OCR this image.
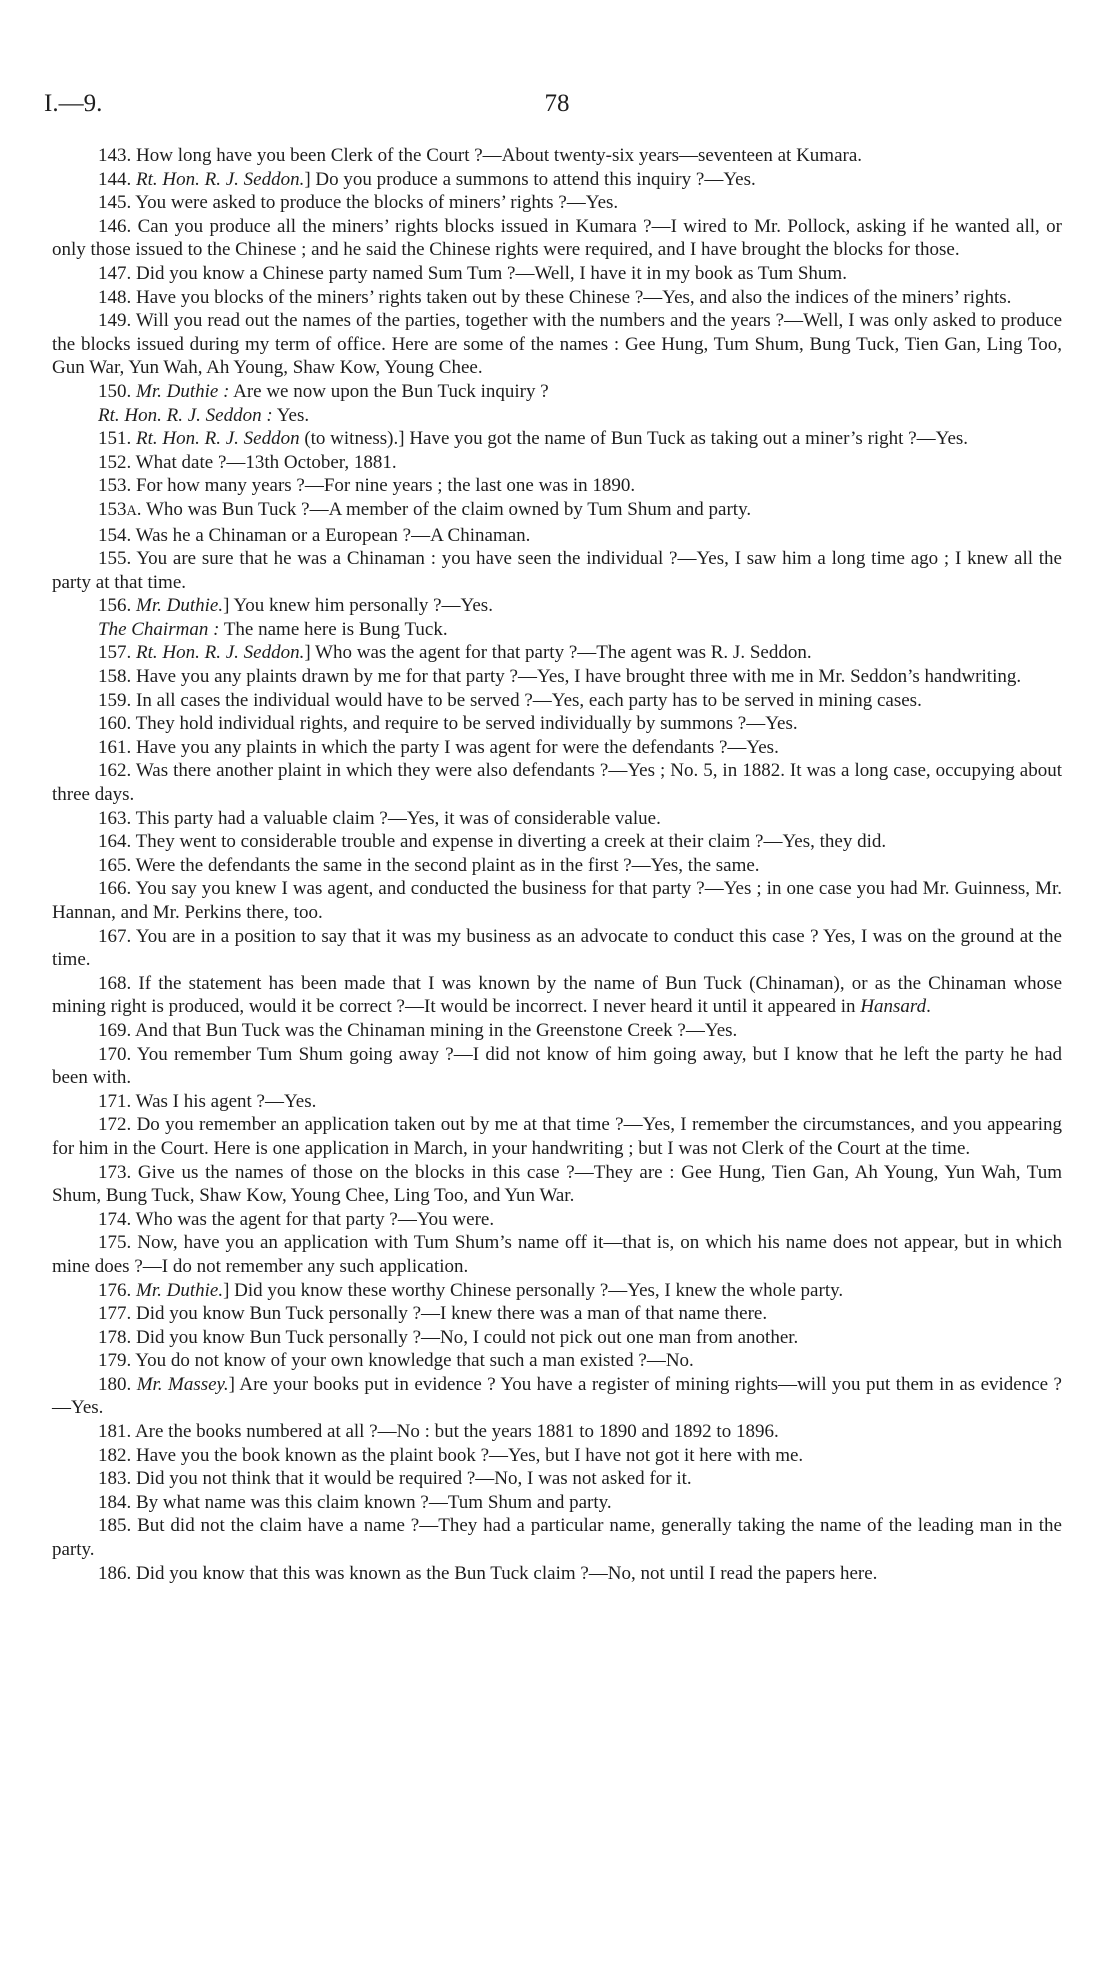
I.—9.	78

143. How long have you been Clerk of the Court ?—About twenty-six years—seventeen at Kumara.

144. Rt. Hon. R. J. Seddon.] Do you produce a summons to attend this inquiry ?—Yes.

145. You were asked to produce the blocks of miners’ rights ?—Yes.

146. Can you produce all the miners’ rights blocks issued in Kumara ?—I wired to Mr. Pollock, asking if he wanted all, or only those issued to the Chinese ; and he said the Chinese rights were required, and I have brought the blocks for those.

147. Did you know a Chinese party named Sum Tum ?—Well, I have it in my book as Tum Shum.

148. Have you blocks of the miners’ rights taken out by these Chinese ?—Yes, and also the indices of the miners’ rights.

149. Will you read out the names of the parties, together with the numbers and the years ?—Well, I was only asked to produce the blocks issued during my term of office. Here are some of the names : Gee Hung, Tum Shum, Bung Tuck, Tien Gan, Ling Too, Gun War, Yun Wah, Ah Young, Shaw Kow, Young Chee.

150. Mr. Duthie : Are we now upon the Bun Tuck inquiry ?

Rt. Hon. R. J. Seddon : Yes.

151. Rt. Hon. R. J. Seddon (to witness).] Have you got the name of Bun Tuck as taking out a miner’s right ?—Yes.

152. What date ?—13th October, 1881.

153. For how many years ?—For nine years ; the last one was in 1890.

153A. Who was Bun Tuck ?—A member of the claim owned by Tum Shum and party.

154. Was he a Chinaman or a European ?—A Chinaman.

155. You are sure that he was a Chinaman : you have seen the individual ?—Yes, I saw him a long time ago ; I knew all the party at that time.

156. Mr. Duthie.] You knew him personally ?—Yes.

The Chairman : The name here is Bung Tuck.

157. Rt. Hon. R. J. Seddon.] Who was the agent for that party ?—The agent was R. J. Seddon.

158. Have you any plaints drawn by me for that party ?—Yes, I have brought three with me in Mr. Seddon’s handwriting.

159. In all cases the individual would have to be served ?—Yes, each party has to be served in mining cases.

160. They hold individual rights, and require to be served individually by summons ?—Yes.

161. Have you any plaints in which the party I was agent for were the defendants ?—Yes.

162. Was there another plaint in which they were also defendants ?—Yes ; No. 5, in 1882. It was a long case, occupying about three days.

163. This party had a valuable claim ?—Yes, it was of considerable value.

164. They went to considerable trouble and expense in diverting a creek at their claim ?—Yes, they did.

165. Were the defendants the same in the second plaint as in the first ?—Yes, the same.

166. You say you knew I was agent, and conducted the business for that party ?—Yes ; in one case you had Mr. Guinness, Mr. Hannan, and Mr. Perkins there, too.

167. You are in a position to say that it was my business as an advocate to conduct this case ? Yes, I was on the ground at the time.

168. If the statement has been made that I was known by the name of Bun Tuck (Chinaman), or as the Chinaman whose mining right is produced, would it be correct ?—It would be incorrect. I never heard it until it appeared in Hansard.

169. And that Bun Tuck was the Chinaman mining in the Greenstone Creek ?—Yes.

170. You remember Tum Shum going away ?—I did not know of him going away, but I know that he left the party he had been with.

171. Was I his agent ?—Yes.

172. Do you remember an application taken out by me at that time ?—Yes, I remember the circumstances, and you appearing for him in the Court. Here is one application in March, in your handwriting ; but I was not Clerk of the Court at the time.

173. Give us the names of those on the blocks in this case ?—They are : Gee Hung, Tien Gan, Ah Young, Yun Wah, Tum Shum, Bung Tuck, Shaw Kow, Young Chee, Ling Too, and Yun War.

174. Who was the agent for that party ?—You were.

175. Now, have you an application with Tum Shum’s name off it—that is, on which his name does not appear, but in which mine does ?—I do not remember any such application.

176. Mr. Duthie.] Did you know these worthy Chinese personally ?—Yes, I knew the whole party.

177. Did you know Bun Tuck personally ?—I knew there was a man of that name there.

178. Did you know Bun Tuck personally ?—No, I could not pick out one man from another.

179. You do not know of your own knowledge that such a man existed ?—No.

180. Mr. Massey.] Are your books put in evidence ? You have a register of mining rights—will you put them in as evidence ?—Yes.

181. Are the books numbered at all ?—No : but the years 1881 to 1890 and 1892 to 1896.

182. Have you the book known as the plaint book ?—Yes, but I have not got it here with me.

183. Did you not think that it would be required ?—No, I was not asked for it.

184. By what name was this claim known ?—Tum Shum and party.

185. But did not the claim have a name ?—They had a particular name, generally taking the name of the leading man in the party.

186. Did you know that this was known as the Bun Tuck claim ?—No, not until I read the papers here.
